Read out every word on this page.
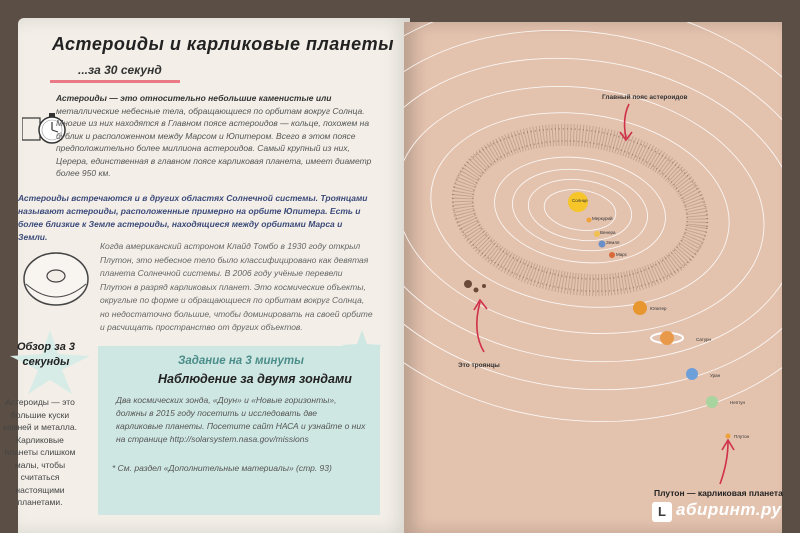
Астероиды и карликовые планеты
...за 30 секунд
Астероиды — это относительно небольшие каменистые или металлические небесные тела, обращающиеся по орбитам вокруг Солнца. Многие из них находятся в Главном поясе астероидов — кольце, похожем на бублик и расположенном между Марсом и Юпитером. Всего в этом поясе предположительно более миллиона астероидов. Самый крупный из них, Церера, единственная в главном поясе карликовая планета, имеет диаметр более 950 км.
Астероиды встречаются и в других областях Солнечной системы. Троянцами называют астероиды, расположенные примерно на орбите Юпитера. Есть и более близкие к Земле астероиды, находящиеся между орбитами Марса и Земли.
Когда американский астроном Клайд Томбо в 1930 году открыл Плутон, это небесное тело было классифицировано как девятая планета Солнечной системы. В 2006 году учёные перевели Плутон в разряд карликовых планет. Это космические объекты, округлые по форме и обращающиеся по орбитам вокруг Солнца, но недостаточно большие, чтобы доминировать на своей орбите и расчищать пространство от других объектов.
Обзор за 3 секунды
Астероиды — это большие куски камней и металла. Карликовые планеты слишком малы, чтобы считаться настоящими планетами.
Задание на 3 минуты
Наблюдение за двумя зондами
Два космических зонда, «Доун» и «Новые горизонты», должны в 2015 году посетить и исследовать две карликовые планеты. Посетите сайт НАСА и узнайте о них на странице http://solarsystem.nasa.gov/missions
* См. раздел «Дополнительные материалы» (стр. 93)
Солнце
Меркурий
Венера
Земля
Марс
Юпитер
Сатурн
Уран
Нептун
Плутон
Главный пояс астероидов
Это троянцы
Плутон — карликовая планета
L абиринт.ру
